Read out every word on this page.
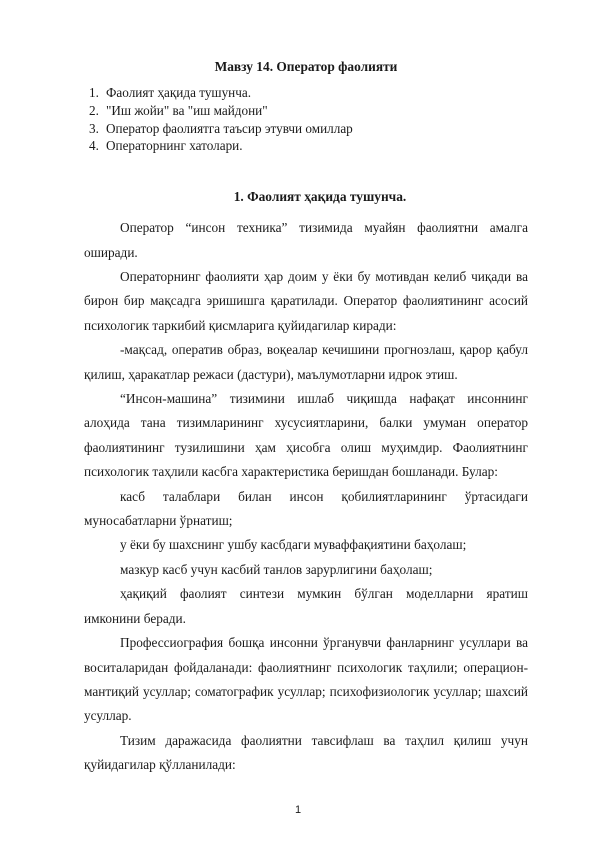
Мавзу 14. Оператор фаолияти
1. Фаолият ҳақида тушунча.
2. "Иш жойи" ва "иш майдони"
3. Оператор фаолиятга таъсир этувчи омиллар
4. Операторнинг хатолари.
1. Фаолият ҳақида тушунча.

Оператор “инсон техника” тизимида муайян фаолиятни амалга оширади.

Операторнинг фаолияти ҳар доим у ёки бу мотивдан келиб чиқади ва бирон бир мақсадга эришишга қаратилади. Оператор фаолиятининг асосий психологик таркибий қисмларига қуйидагилар киради:

-мақсад, оператив образ, воқеалар кечишини прогнозлаш, қарор қабул қилиш, ҳаракатлар режаси (дастури), маълумотларни идрок этиш.

“Инсон-машина” тизимини ишлаб чиқишда нафақат инсоннинг алоҳида тана тизимларининг хусусиятларини, балки умуман оператор фаолиятининг тузилишини ҳам ҳисобга олиш муҳимдир. Фаолиятнинг психологик таҳлили касбга характеристика беришдан бошланади. Булар:

касб талаблари билан инсон қобилиятларининг ўртасидаги муносабатларни ўрнатиш;

у ёки бу шахснинг ушбу касбдаги муваффақиятини баҳолаш;

мазкур касб учун касбий танлов зарурлигини баҳолаш;

ҳақиқий фаолият синтези мумкин бўлган моделларни яратиш имконини беради.

Профессиография бошқа инсонни ўрганувчи фанларнинг усуллари ва воситаларидан фойдаланади: фаолиятнинг психологик таҳлили; операцион-мантиқий усуллар; соматографик усуллар; психофизиологик усуллар; шахсий усуллар.

Тизим даражасида фаолиятни тавсифлаш ва таҳлил қилиш учун қуйидагилар қўлланилади:

1
